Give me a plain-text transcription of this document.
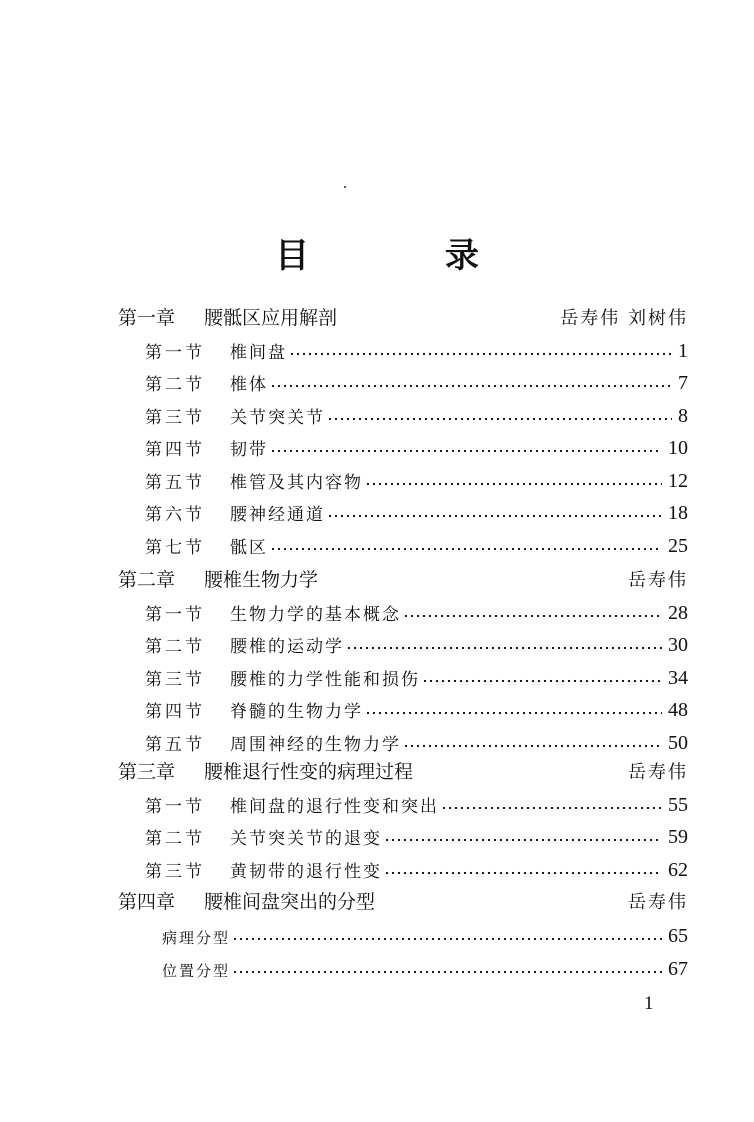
目 录
第一章	腰骶区应用解剖	岳寿伟 刘树伟
第一节	椎间盘	1
第二节	椎体	7
第三节	关节突关节	8
第四节	韧带	10
第五节	椎管及其内容物	12
第六节	腰神经通道	18
第七节	骶区	25
第二章	腰椎生物力学	岳寿伟
第一节	生物力学的基本概念	28
第二节	腰椎的运动学	30
第三节	腰椎的力学性能和损伤	34
第四节	脊髓的生物力学	48
第五节	周围神经的生物力学	50
第三章	腰椎退行性变的病理过程	岳寿伟
第一节	椎间盘的退行性变和突出	55
第二节	关节突关节的退变	59
第三节	黄韧带的退行性变	62
第四章	腰椎间盘突出的分型	岳寿伟
病理分型	65
位置分型	67
1
